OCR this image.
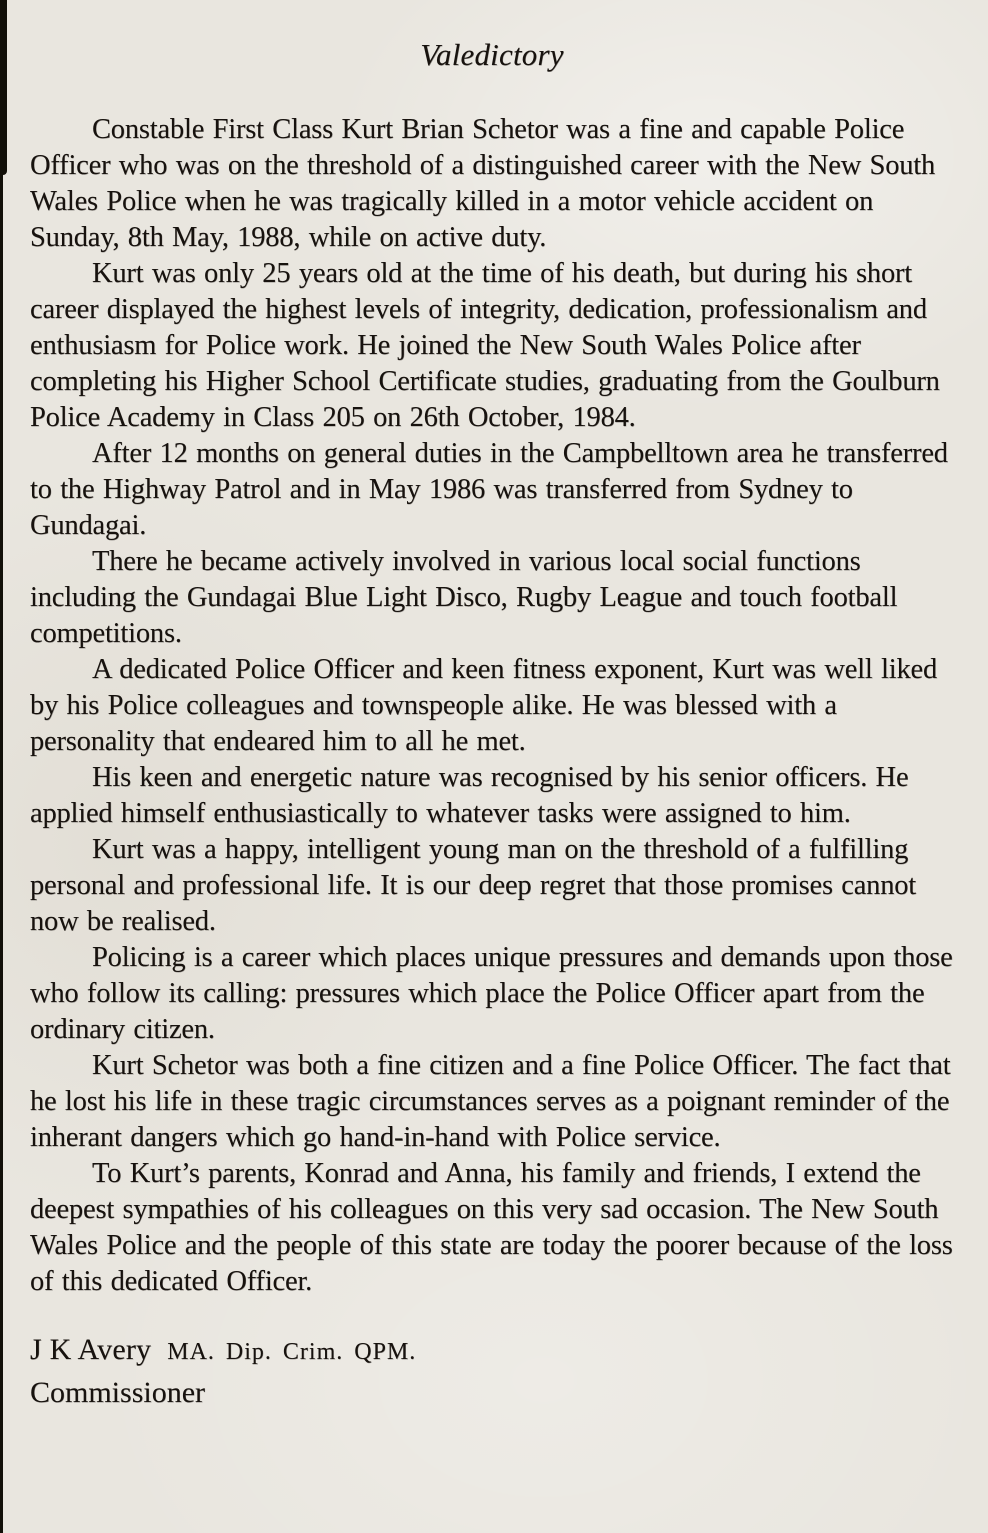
Valedictory

Constable First Class Kurt Brian Schetor was a fine and capable Police Officer who was on the threshold of a distinguished career with the New South Wales Police when he was tragically killed in a motor vehicle accident on Sunday, 8th May, 1988, while on active duty.

Kurt was only 25 years old at the time of his death, but during his short career displayed the highest levels of integrity, dedication, professionalism and enthusiasm for Police work. He joined the New South Wales Police after completing his Higher School Certificate studies, graduating from the Goulburn Police Academy in Class 205 on 26th October, 1984.

After 12 months on general duties in the Campbelltown area he transferred to the Highway Patrol and in May 1986 was transferred from Sydney to Gundagai.

There he became actively involved in various local social functions including the Gundagai Blue Light Disco, Rugby League and touch football competitions.

A dedicated Police Officer and keen fitness exponent, Kurt was well liked by his Police colleagues and townspeople alike. He was blessed with a personality that endeared him to all he met.

His keen and energetic nature was recognised by his senior officers. He applied himself enthusiastically to whatever tasks were assigned to him.

Kurt was a happy, intelligent young man on the threshold of a fulfilling personal and professional life. It is our deep regret that those promises cannot now be realised.

Policing is a career which places unique pressures and demands upon those who follow its calling: pressures which place the Police Officer apart from the ordinary citizen.

Kurt Schetor was both a fine citizen and a fine Police Officer. The fact that he lost his life in these tragic circumstances serves as a poignant reminder of the inherant dangers which go hand-in-hand with Police service.

To Kurt’s parents, Konrad and Anna, his family and friends, I extend the deepest sympathies of his colleagues on this very sad occasion. The New South Wales Police and the people of this state are today the poorer because of the loss of this dedicated Officer.

J K Avery MA. Dip. Crim. QPM.
Commissioner
